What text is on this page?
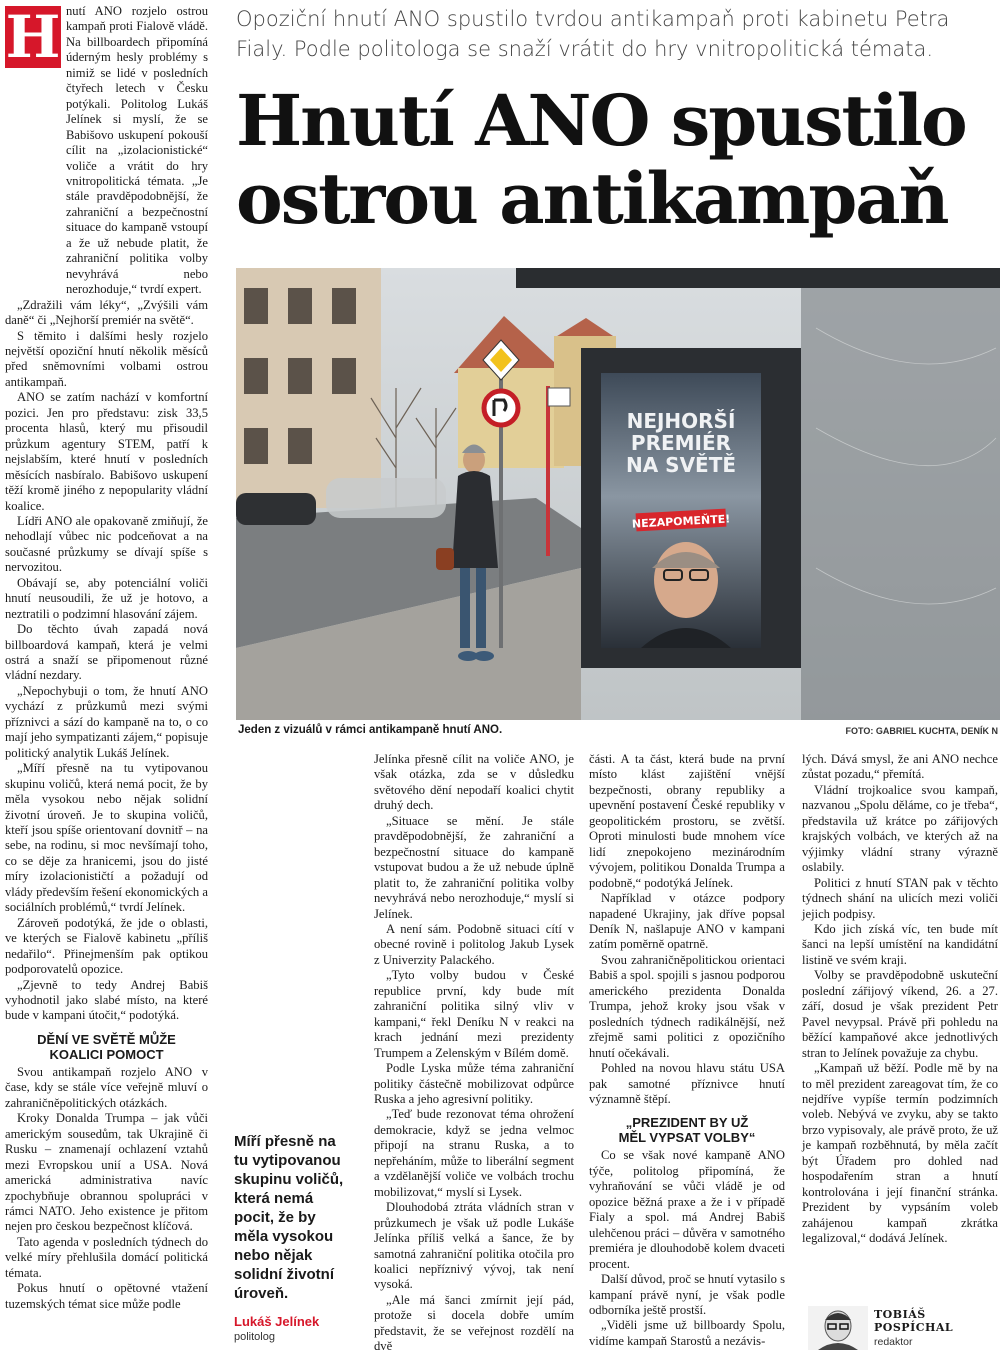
H nutí ANO rozjelo ostrou kampaň proti Fialově vládě. Na billboardech připomíná úderným hesly problémy s nimiž se lidé v posledních čtyřech letech v Česku potýkali. Politolog Lukáš Jelínek si myslí, že se Babišovo uskupení pokouší cílit na „izolacionistické“ voliče a vrátit do hry vnitropolitická témata. „Je stále pravděpodobnější, že zahraniční a bezpečnostní situace do kampaně vstoupí a že už nebude platit, že zahraniční politika volby nevyhrává nebo nerozhoduje,“ tvrdí expert.

„Zdražili vám léky“, „Zvýšili vám daně“ či „Nejhorší premiér na světě“.

S těmito i dalšími hesly rozjelo největší opoziční hnutí několik měsíců před sněmovními volbami ostrou antikampaň.

ANO se zatím nachází v komfortní pozici. Jen pro představu: zisk 33,5 procenta hlasů, který mu přisoudil průzkum agentury STEM, patří k nejslabším, které hnutí v posledních měsících nasbíralo. Babišovo uskupení těží kromě jiného z nepopularity vládní koalice.

Lídři ANO ale opakovaně zmiňují, že nehodlají vůbec nic podceňovat a na současné průzkumy se dívají spíše s nervozitou.

Obávají se, aby potenciální voliči hnutí neusoudili, že už je hotovo, a neztratili o podzimní hlasování zájem.

Do těchto úvah zapadá nová billboardová kampaň, která je velmi ostrá a snaží se připomenout různé vládní nezdary.

„Nepochybuji o tom, že hnutí ANO vychází z průzkumů mezi svými příznivci a sází do kampaně na to, o co mají jeho sympatizanti zájem,“ popisuje politický analytik Lukáš Jelínek.

„Míří přesně na tu vytipovanou skupinu voličů, která nemá pocit, že by měla vysokou nebo nějak solidní životní úroveň. Je to skupina voličů, kteří jsou spíše orientovaní dovnitř – na sebe, na rodinu, si moc nevšímají toho, co se děje za hranicemi, jsou do jisté míry izolacionističtí a požadují od vlády především řešení ekonomických a sociálních problémů,“ tvrdí Jelínek.

Zároveň podotýká, že jde o oblasti, ve kterých se Fialově kabinetu „příliš nedařilo“. Přinejmenším pak optikou podporovatelů opozice.

„Zjevně to tedy Andrej Babiš vyhodnotil jako slabé místo, na které bude v kampani útočit,“ podotýká.

DĚNÍ VE SVĚTĚ MŮŽE KOALICI POMOCT

Svou antikampaň rozjelo ANO v čase, kdy se stále více veřejně mluví o zahraničněpolitických otázkách.

Kroky Donalda Trumpa – jak vůči americkým sousedům, tak Ukrajině či Rusku – znamenají ochlazení vztahů mezi Evropskou unií a USA. Nová americká administrativa navíc zpochybňuje obrannou spolupráci v rámci NATO. Jeho existence je přitom nejen pro českou bezpečnost klíčová.

Tato agenda v posledních týdnech do velké míry přehlušila domácí politická témata.

Pokus hnutí o opětovné vtažení tuzemských témat sice může podle

Opoziční hnutí ANO spustilo tvrdou antikampaň proti kabinetu Petra Fialy. Podle politologa se snaží vrátit do hry vnitropolitická témata.
Hnutí ANO spustilo ostrou antikampaň
NEJHORŠÍ
PREMIÉR
NA SVĚTĚ
NEZAPOMEŇTE!
Jeden z vizuálů v rámci antikampaně hnutí ANO.	FOTO: GABRIEL KUCHTA, DENÍK N
Míří přesně na tu vytipovanou skupinu voličů, která nemá pocit, že by měla vysokou nebo nějak solidní životní úroveň.
Lukáš Jelínek
politolog

Jelínka přesně cílit na voliče ANO, je však otázka, zda se v důsledku světového dění nepodaří koalici chytit druhý dech.

„Situace se mění. Je stále pravděpodobnější, že zahraniční a bezpečnostní situace do kampaně vstupovat budou a že už nebude úplně platit to, že zahraniční politika volby nevyhrává nebo nerozhoduje,“ myslí si Jelínek.

A není sám. Podobně situaci cítí v obecné rovině i politolog Jakub Lysek z Univerzity Palackého.

„Tyto volby budou v České republice první, kdy bude mít zahraniční politika silný vliv v kampani,“ řekl Deníku N v reakci na krach jednání mezi prezidenty Trumpem a Zelenským v Bílém domě.

Podle Lyska může téma zahraniční politiky částečně mobilizovat odpůrce Ruska a jeho agresivní politiky.

„Teď bude rezonovat téma ohrožení demokracie, když se jedna velmoc připojí na stranu Ruska, a to nepřeháním, může to liberální segment a vzdělanější voliče ve volbách trochu mobilizovat,“ myslí si Lysek.

Dlouhodobá ztráta vládních stran v průzkumech je však už podle Lukáše Jelínka příliš velká a šance, že by samotná zahraniční politika otočila pro koalici nepříznivý vývoj, tak není vysoká.

„Ale má šanci zmírnit její pád, protože si docela dobře umím představit, že se veřejnost rozdělí na dvě

části. A ta část, která bude na první místo klást zajištění vnější bezpečnosti, obrany republiky a upevnění postavení České republiky v geopolitickém prostoru, se zvětší. Oproti minulosti bude mnohem více lidí znepokojeno mezinárodním vývojem, politikou Donalda Trumpa a podobně,“ podotýká Jelínek.

Například v otázce podpory napadené Ukrajiny, jak dříve popsal Deník N, našlapuje ANO v kampani zatím poměrně opatrně.

Svou zahraničněpolitickou orientaci Babiš a spol. spojili s jasnou podporou amerického prezidenta Donalda Trumpa, jehož kroky jsou však v posledních týdnech radikálnější, než zřejmě sami politici z opozičního hnutí očekávali.

Pohled na novou hlavu státu USA pak samotné příznivce hnutí významně štěpí.

„PREZIDENT BY UŽ MĚL VYPSAT VOLBY“

Co se však nové kampaně ANO týče, politolog připomíná, že vyhraňování se vůči vládě je od opozice běžná praxe a že i v případě Fialy a spol. má Andrej Babiš ulehčenou práci – důvěra v samotného premiéra je dlouhodobě kolem dvaceti procent.

Další důvod, proč se hnutí vytasilo s kampaní právě nyní, je však podle odborníka ještě prostší.

„Viděli jsme už billboardy Spolu, vidíme kampaň Starostů a nezávis-

lých. Dává smysl, že ani ANO nechce zůstat pozadu,“ přemítá.

Vládní trojkoalice svou kampaň, nazvanou „Spolu děláme, co je třeba“, představila už krátce po zářijových krajských volbách, ve kterých až na výjimky vládní strany výrazně oslabily.

Politici z hnutí STAN pak v těchto týdnech shání na ulicích mezi voliči jejich podpisy.

Kdo jich získá víc, ten bude mít šanci na lepší umístění na kandidátní listině ve svém kraji.

Volby se pravděpodobně uskuteční poslední zářijový víkend, 26. a 27. září, dosud je však prezident Petr Pavel nevypsal. Právě při pohledu na běžící kampaňové akce jednotlivých stran to Jelínek považuje za chybu.

„Kampaň už běží. Podle mě by na to měl prezident zareagovat tím, že co nejdříve vypíše termín podzimních voleb. Nebývá ve zvyku, aby se takto brzo vypisovaly, ale právě proto, že už je kampaň rozběhnutá, by měla začít být Úřadem pro dohled nad hospodařením stran a hnutí kontrolována i její finanční stránka. Prezident by vypsáním voleb zahájenou kampaň zkrátka legalizoval,“ dodává Jelínek.

TOBIÁŠ
POSPÍCHAL
redaktor
